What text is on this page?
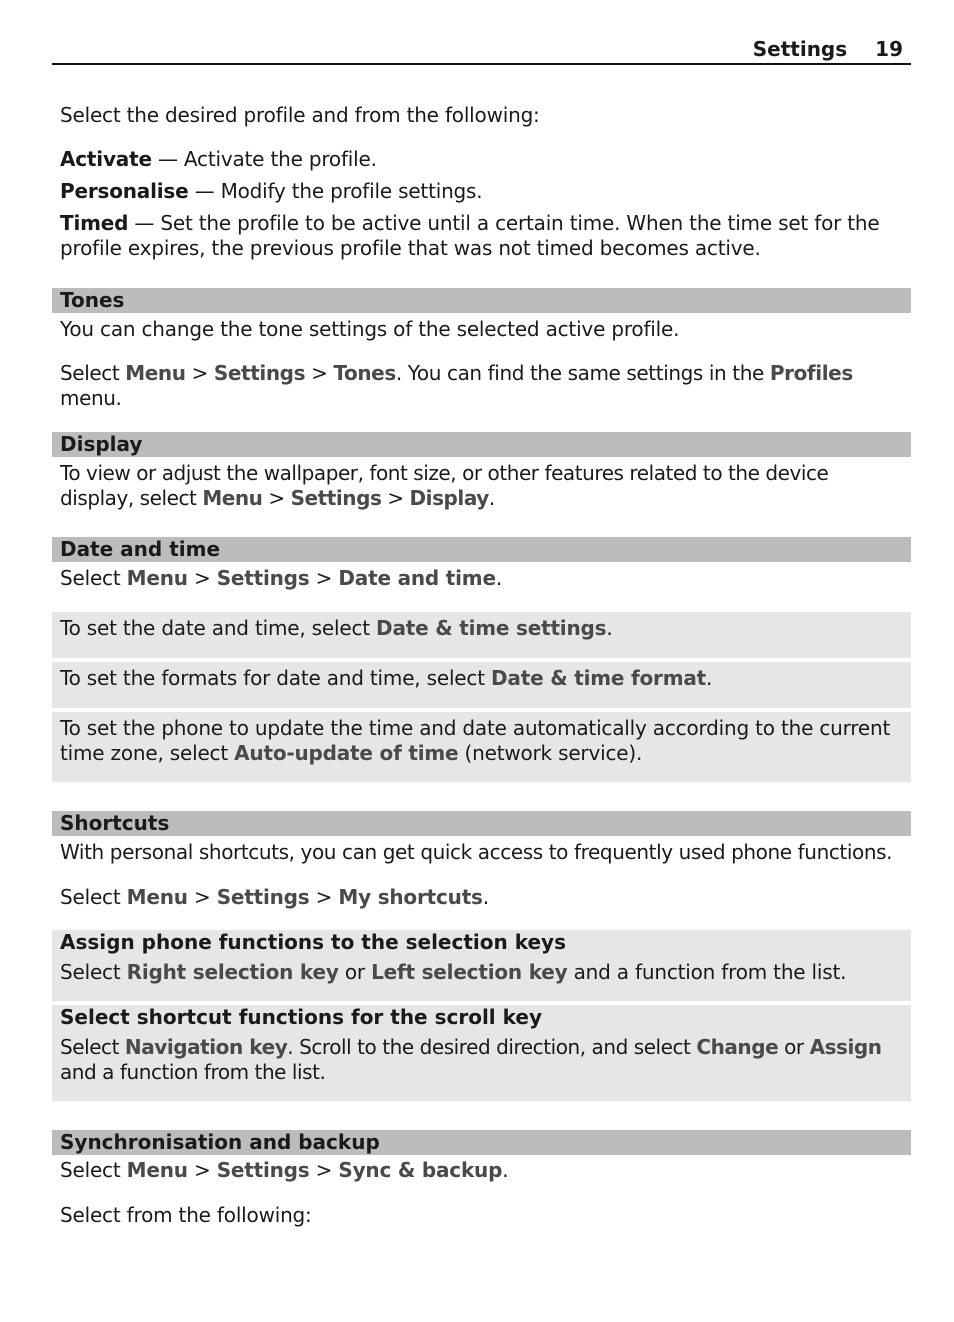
Settings 19
Select the desired profile and from the following:
Activate — Activate the profile.
Personalise — Modify the profile settings.
Timed — Set the profile to be active until a certain time. When the time set for the profile expires, the previous profile that was not timed becomes active.
Tones
You can change the tone settings of the selected active profile.
Select Menu > Settings > Tones. You can find the same settings in the Profiles menu.
Display
To view or adjust the wallpaper, font size, or other features related to the device display, select Menu > Settings > Display.
Date and time
Select Menu > Settings > Date and time.
To set the date and time, select Date & time settings.
To set the formats for date and time, select Date & time format.
To set the phone to update the time and date automatically according to the current time zone, select Auto-update of time (network service).
Shortcuts
With personal shortcuts, you can get quick access to frequently used phone functions.
Select Menu > Settings > My shortcuts.
Assign phone functions to the selection keys
Select Right selection key or Left selection key and a function from the list.
Select shortcut functions for the scroll key
Select Navigation key. Scroll to the desired direction, and select Change or Assign and a function from the list.
Synchronisation and backup
Select Menu > Settings > Sync & backup.
Select from the following:
